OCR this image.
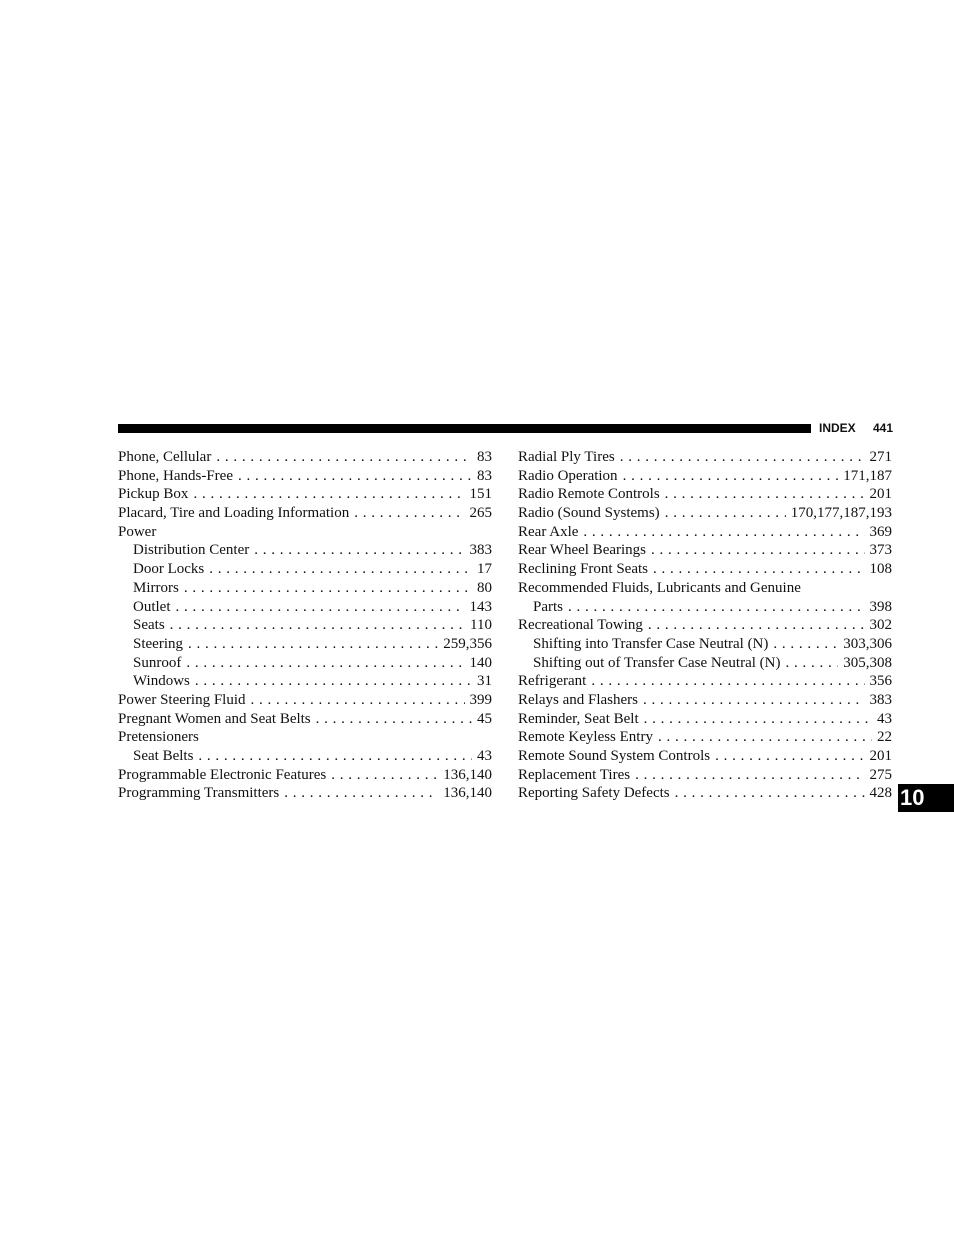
INDEX 441
Phone, Cellular . . .	83
Phone, Hands-Free . . .	83
Pickup Box . . .	151
Placard, Tire and Loading Information . . .	265
Power
Distribution Center . . .	383
Door Locks . . .	17
Mirrors . . .	80
Outlet . . .	143
Seats . . .	110
Steering . . .	259,356
Sunroof . . .	140
Windows . . .	31
Power Steering Fluid . . .	399
Pregnant Women and Seat Belts . . .	45
Pretensioners
Seat Belts . . .	43
Programmable Electronic Features . . .	136,140
Programming Transmitters . . .	136,140
Radial Ply Tires . . .	271
Radio Operation . . .	171,187
Radio Remote Controls . . .	201
Radio (Sound Systems) . . .	170,177,187,193
Rear Axle . . .	369
Rear Wheel Bearings . . .	373
Reclining Front Seats . . .	108
Recommended Fluids, Lubricants and Genuine
Parts . . .	398
Recreational Towing . . .	302
Shifting into Transfer Case Neutral (N) . . .	303,306
Shifting out of Transfer Case Neutral (N) . . .	305,308
Refrigerant . . .	356
Relays and Flashers . . .	383
Reminder, Seat Belt . . .	43
Remote Keyless Entry . . .	22
Remote Sound System Controls . . .	201
Replacement Tires . . .	275
Reporting Safety Defects . . .	428 10
